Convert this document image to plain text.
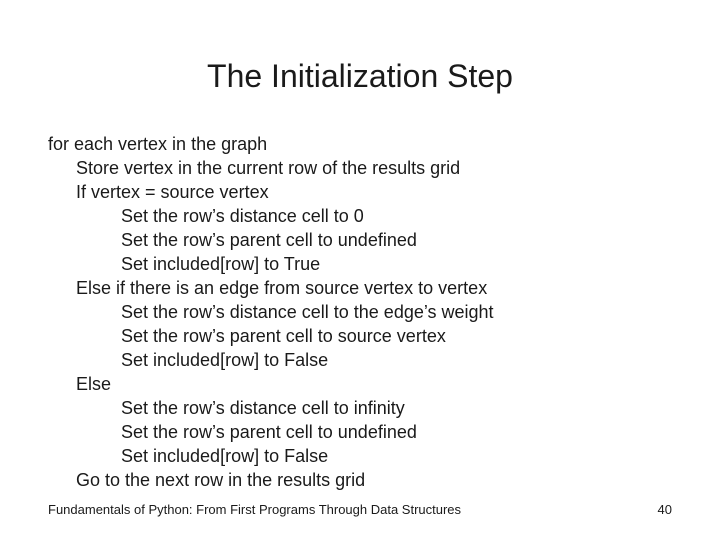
The Initialization Step
for each vertex in the graph
Store vertex in the current row of the results grid
If vertex = source vertex
Set the row’s distance cell to 0
Set the row’s parent cell to undefined
Set included[row] to True
Else if there is an edge from source vertex to vertex
Set the row’s distance cell to the edge’s weight
Set the row’s parent cell to source vertex
Set included[row] to False
Else
Set the row’s distance cell to infinity
Set the row’s parent cell to undefined
Set included[row] to False
Go to the next row in the results grid
Fundamentals of Python: From First Programs Through Data Structures	40
